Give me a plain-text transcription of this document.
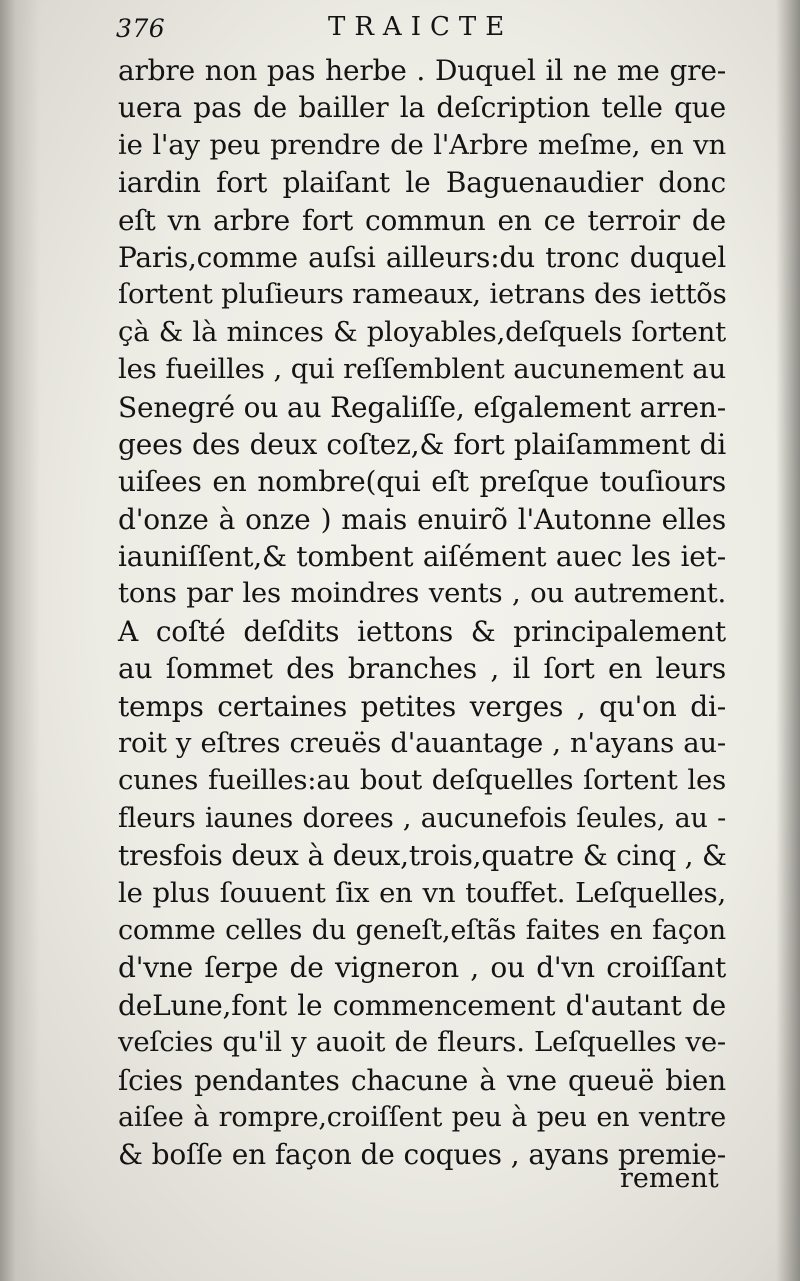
376	TRAICTE
arbre non pas herbe . Duquel il ne me gre-
uera pas de bailler la deſcription telle que
ie l'ay peu prendre de l'Arbre meſme, en vn
iardin fort plaiſant le Baguenaudier donc
eſt vn arbre fort commun en ce terroir de
Paris,comme auſsi ailleurs:du tronc duquel
ſortent pluſieurs rameaux, ietrans des iettõs
çà & là minces & ployables,deſquels ſortent
les fueilles , qui reſſemblent aucunement au
Senegré ou au Regaliſſe, eſgalement arren-
gees des deux coſtez,& fort plaiſamment di
uiſees en nombre(qui eſt preſque touſiours
d'onze à onze ) mais enuirõ l'Autonne elles
iauniſſent,& tombent aiſément auec les iet-
tons par les moindres vents , ou autrement.
A coſté deſdits iettons & principalement
au ſommet des branches , il ſort en leurs
temps certaines petites verges , qu'on di-
roit y eſtres creuës d'auantage , n'ayans au-
cunes fueilles:au bout deſquelles ſortent les
fleurs iaunes dorees , aucunefois ſeules, au -
tresfois deux à deux,trois,quatre & cinq , &
le plus ſouuent ſix en vn touffet. Leſquelles,
comme celles du geneſt,eſtãs faites en façon
d'vne ſerpe de vigneron , ou d'vn croiſſant
deLune,font le commencement d'autant de
veſcies qu'il y auoit de fleurs. Leſquelles ve-
ſcies pendantes chacune à vne queuë bien
aiſee à rompre,croiſſent peu à peu en ventre
& boſſe en façon de coques , ayans premie-
rement
